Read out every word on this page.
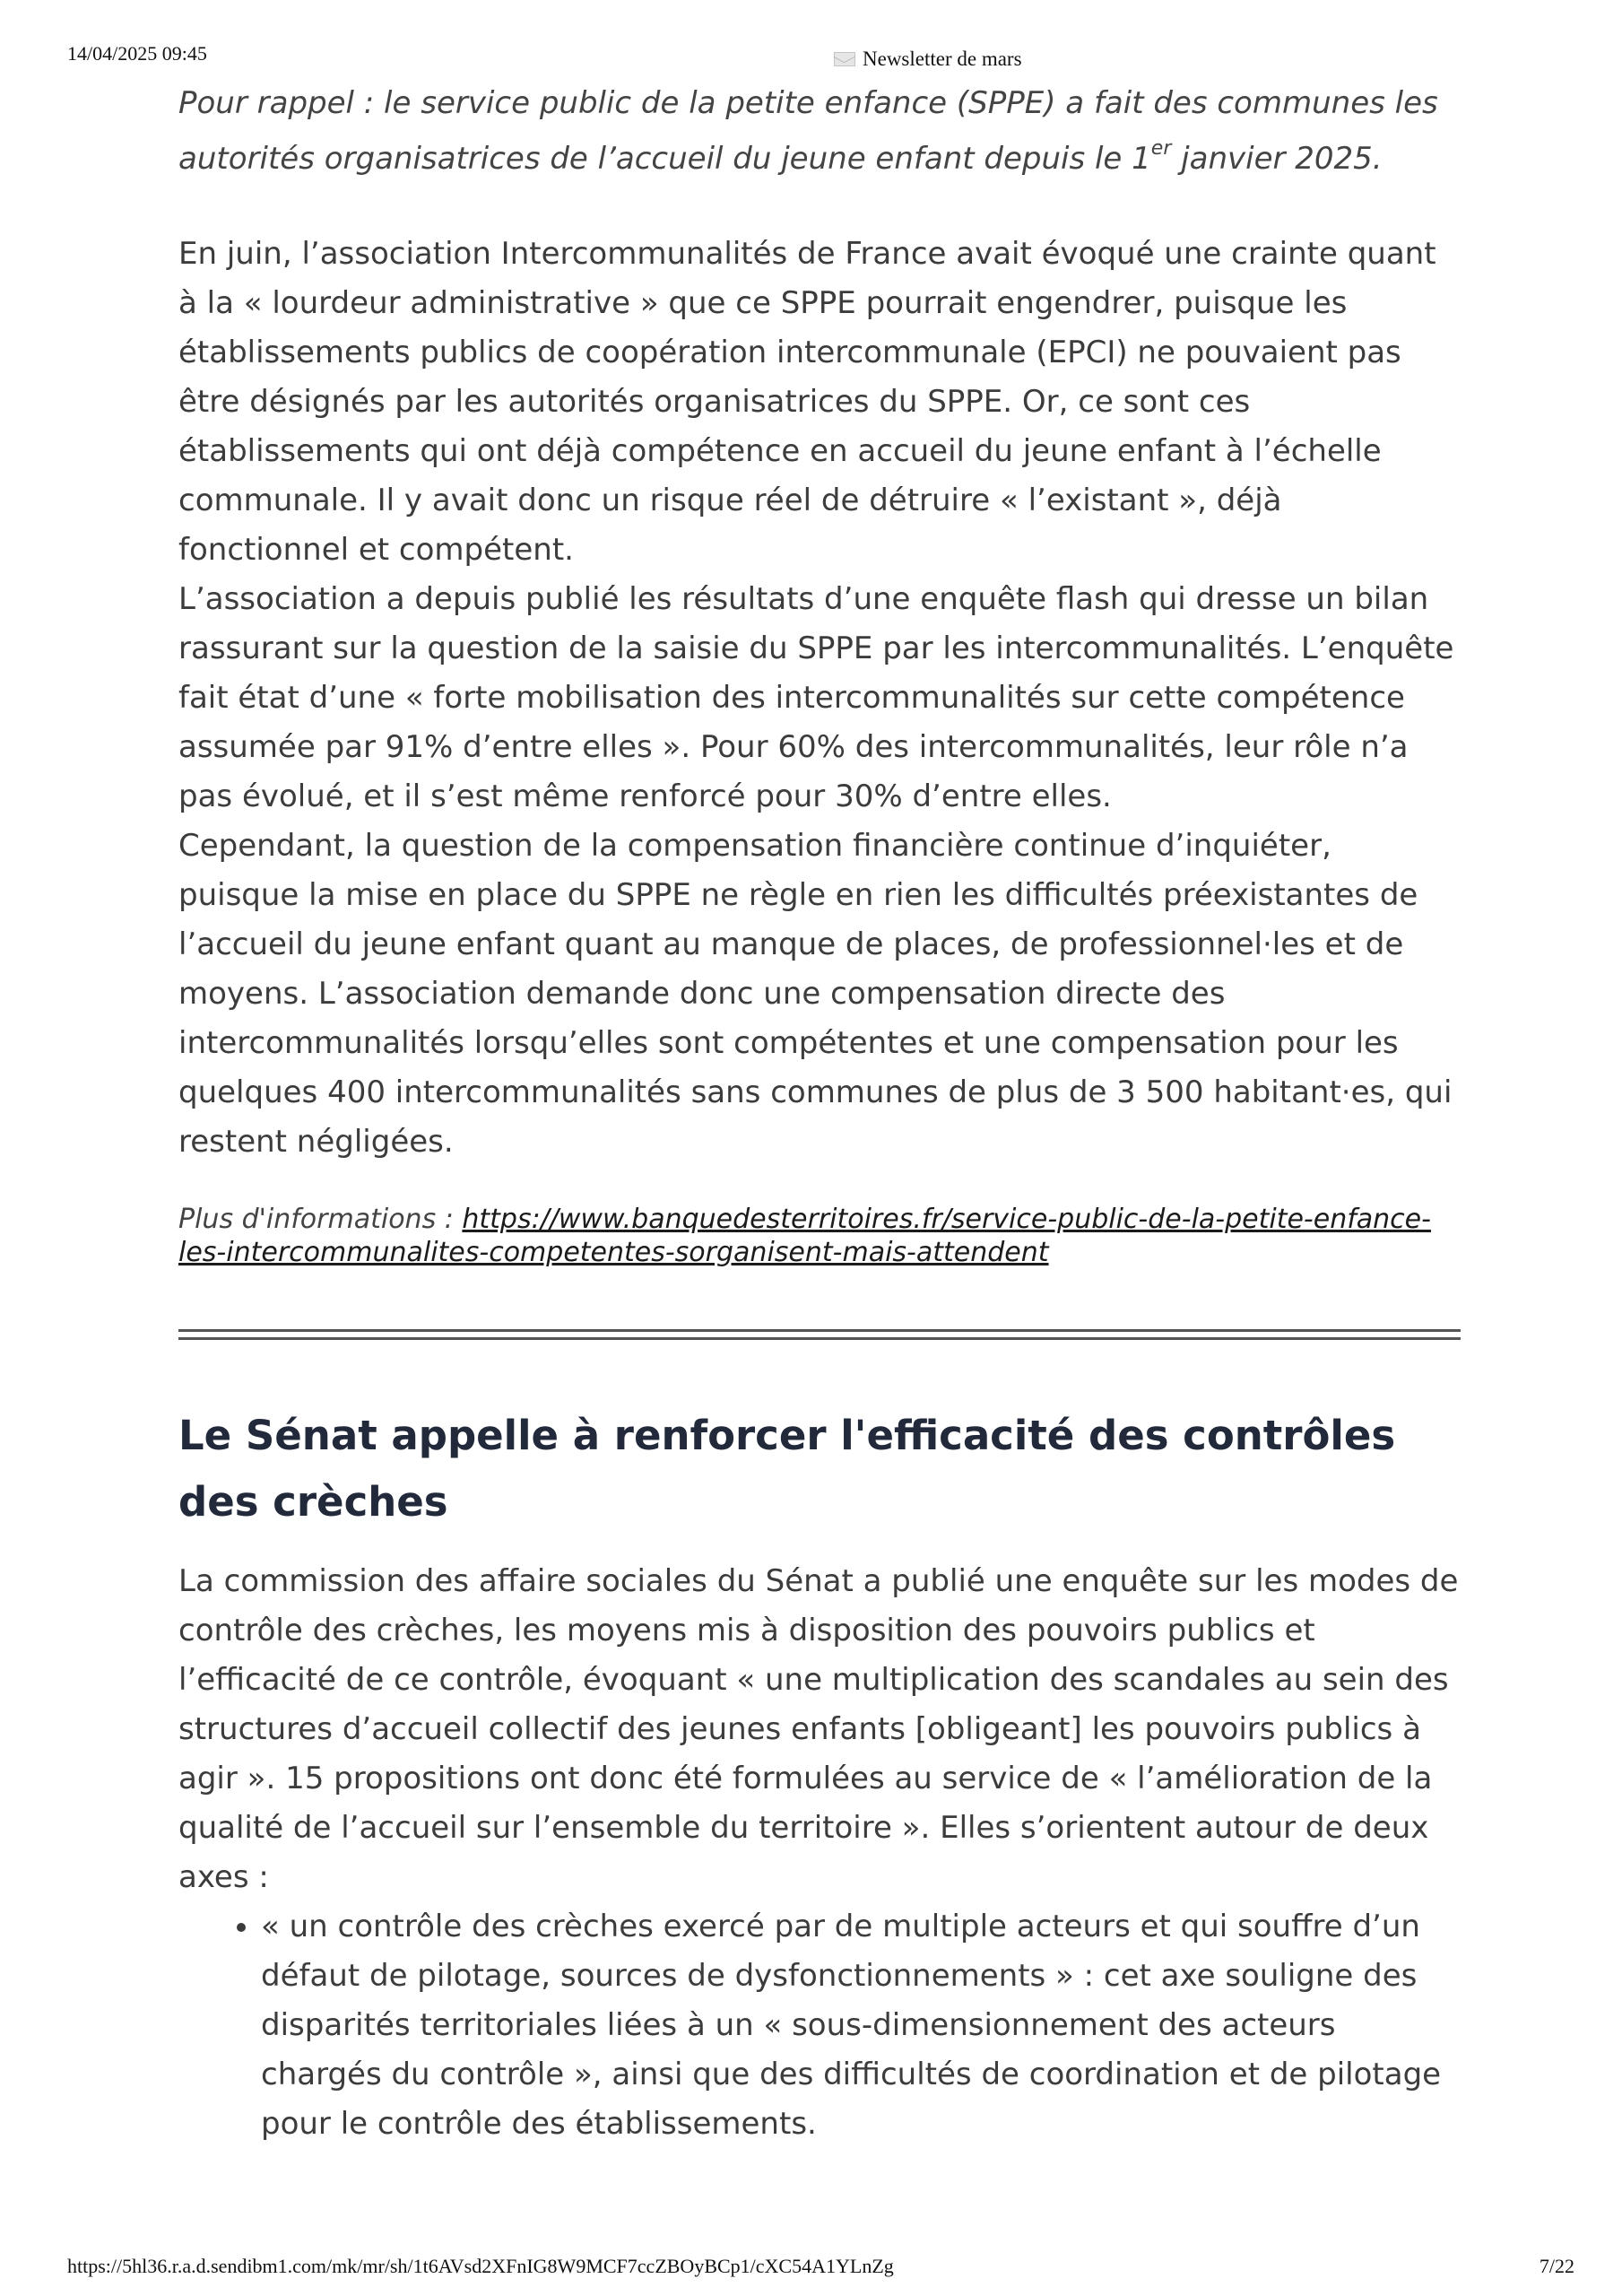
14/04/2025 09:45	Newsletter de mars

Pour rappel : le service public de la petite enfance (SPPE) a fait des communes les autorités organisatrices de l’accueil du jeune enfant depuis le 1er janvier 2025.

En juin, l’association Intercommunalités de France avait évoqué une crainte quant à la « lourdeur administrative » que ce SPPE pourrait engendrer, puisque les établissements publics de coopération intercommunale (EPCI) ne pouvaient pas être désignés par les autorités organisatrices du SPPE. Or, ce sont ces établissements qui ont déjà compétence en accueil du jeune enfant à l’échelle communale. Il y avait donc un risque réel de détruire « l’existant », déjà fonctionnel et compétent.

L’association a depuis publié les résultats d’une enquête flash qui dresse un bilan rassurant sur la question de la saisie du SPPE par les intercommunalités. L’enquête fait état d’une « forte mobilisation des intercommunalités sur cette compétence assumée par 91% d’entre elles ». Pour 60% des intercommunalités, leur rôle n’a pas évolué, et il s’est même renforcé pour 30% d’entre elles.

Cependant, la question de la compensation financière continue d’inquiéter, puisque la mise en place du SPPE ne règle en rien les difficultés préexistantes de l’accueil du jeune enfant quant au manque de places, de professionnel·les et de moyens. L’association demande donc une compensation directe des intercommunalités lorsqu’elles sont compétentes et une compensation pour les quelques 400 intercommunalités sans communes de plus de 3 500 habitant·es, qui restent négligées.

Plus d'informations : https://www.banquedesterritoires.fr/service-public-de-la-petite-enfance-les-intercommunalites-competentes-sorganisent-mais-attendent

Le Sénat appelle à renforcer l'efficacité des contrôles des crèches

La commission des affaire sociales du Sénat a publié une enquête sur les modes de contrôle des crèches, les moyens mis à disposition des pouvoirs publics et l’efficacité de ce contrôle, évoquant « une multiplication des scandales au sein des structures d’accueil collectif des jeunes enfants [obligeant] les pouvoirs publics à agir ». 15 propositions ont donc été formulées au service de « l’amélioration de la qualité de l’accueil sur l’ensemble du territoire ». Elles s’orientent autour de deux axes :

• « un contrôle des crèches exercé par de multiple acteurs et qui souffre d’un défaut de pilotage, sources de dysfonctionnements » : cet axe souligne des disparités territoriales liées à un « sous-dimensionnement des acteurs chargés du contrôle », ainsi que des difficultés de coordination et de pilotage pour le contrôle des établissements.
https://5hl36.r.a.d.sendibm1.com/mk/mr/sh/1t6AVsd2XFnIG8W9MCF7ccZBOyBCp1/cXC54A1YLnZg	7/22
